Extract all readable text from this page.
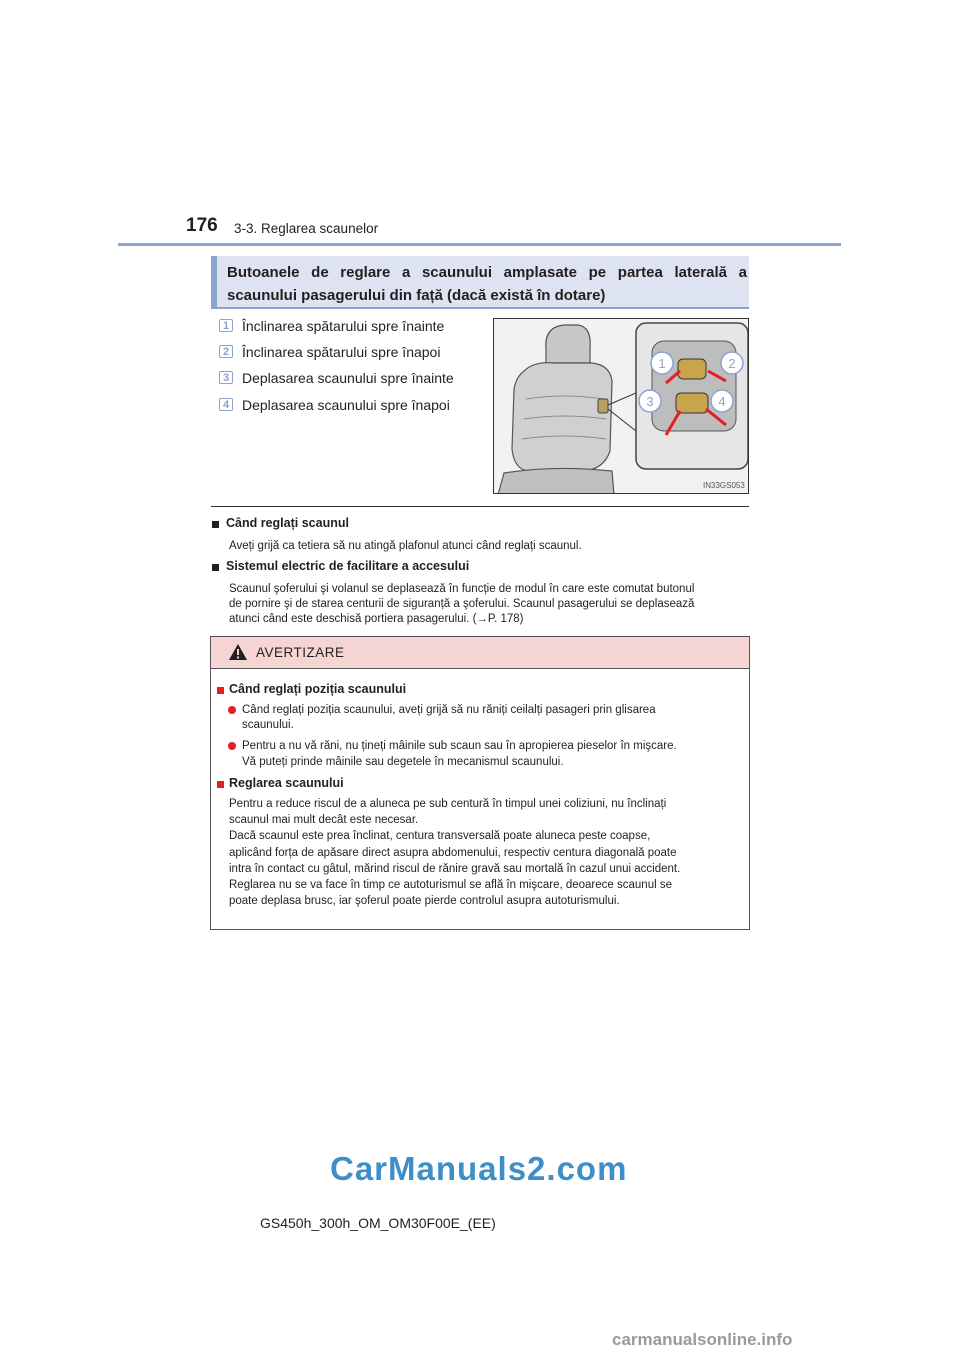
176 3-3. Reglarea scaunelor
Butoanele de reglare a scaunului amplasate pe partea laterală a scaunului pasagerului din față (dacă există în dotare)
1 Înclinarea spătarului spre înainte
2 Înclinarea spătarului spre înapoi
3 Deplasarea scaunului spre înainte
4 Deplasarea scaunului spre înapoi
1	2
3	4
IN33GS053
Când reglați scaunul
Aveți grijă ca tetiera să nu atingă plafonul atunci când reglați scaunul.
Sistemul electric de facilitare a accesului
Scaunul şoferului şi volanul se deplasează în funcție de modul în care este comutat butonul
de pornire şi de starea centurii de siguranță a şoferului. Scaunul pasagerului se deplasează
atunci când este deschisă portiera pasagerului. (→P. 178)
AVERTIZARE
Când reglați poziția scaunului
Când reglați poziția scaunului, aveți grijă să nu răniți ceilalți pasageri prin glisarea
scaunului.
Pentru a nu vă răni, nu țineți mâinile sub scaun sau în apropierea pieselor în mişcare.
Vă puteți prinde mâinile sau degetele în mecanismul scaunului.
Reglarea scaunului
Pentru a reduce riscul de a aluneca pe sub centură în timpul unei coliziuni, nu înclinați
scaunul mai mult decât este necesar.
Dacă scaunul este prea înclinat, centura transversală poate aluneca peste coapse,
aplicând forța de apăsare direct asupra abdomenului, respectiv centura diagonală poate
intra în contact cu gâtul, mărind riscul de rănire gravă sau mortală în cazul unui accident.
Reglarea nu se va face în timp ce autoturismul se află în mişcare, deoarece scaunul se
poate deplasa brusc, iar şoferul poate pierde controlul asupra autoturismului.
CarManuals2.com
GS450h_300h_OM_OM30F00E_(EE)
carmanualsonline.info
